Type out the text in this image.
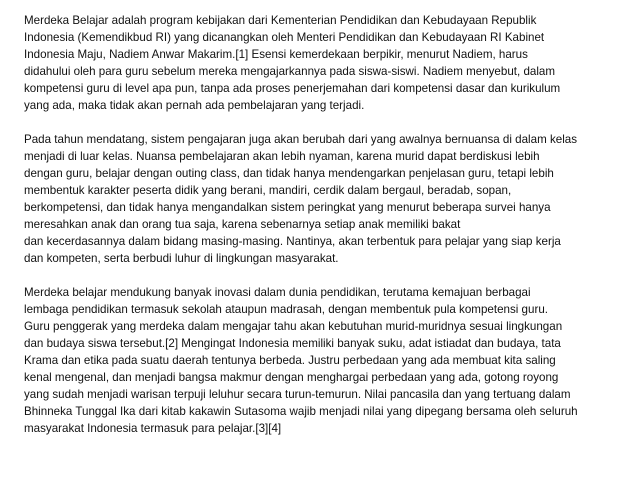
Merdeka Belajar adalah program kebijakan dari Kementerian Pendidikan dan Kebudayaan Republik
Indonesia (Kemendikbud RI) yang dicanangkan oleh Menteri Pendidikan dan Kebudayaan RI Kabinet
Indonesia Maju, Nadiem Anwar Makarim.[1] Esensi kemerdekaan berpikir, menurut Nadiem, harus
didahului oleh para guru sebelum mereka mengajarkannya pada siswa-siswi. Nadiem menyebut, dalam
kompetensi guru di level apa pun, tanpa ada proses penerjemahan dari kompetensi dasar dan kurikulum
yang ada, maka tidak akan pernah ada pembelajaran yang terjadi.

Pada tahun mendatang, sistem pengajaran juga akan berubah dari yang awalnya bernuansa di dalam kelas
menjadi di luar kelas. Nuansa pembelajaran akan lebih nyaman, karena murid dapat berdiskusi lebih
dengan guru, belajar dengan outing class, dan tidak hanya mendengarkan penjelasan guru, tetapi lebih
membentuk karakter peserta didik yang berani, mandiri, cerdik dalam bergaul, beradab, sopan,
berkompetensi, dan tidak hanya mengandalkan sistem peringkat yang menurut beberapa survei hanya
meresahkan anak dan orang tua saja, karena sebenarnya setiap anak memiliki bakat
dan kecerdasannya dalam bidang masing-masing. Nantinya, akan terbentuk para pelajar yang siap kerja
dan kompeten, serta berbudi luhur di lingkungan masyarakat.

Merdeka belajar mendukung banyak inovasi dalam dunia pendidikan, terutama kemajuan berbagai
lembaga pendidikan termasuk sekolah ataupun madrasah, dengan membentuk pula kompetensi guru.
Guru penggerak yang merdeka dalam mengajar tahu akan kebutuhan murid-muridnya sesuai lingkungan
dan budaya siswa tersebut.[2] Mengingat Indonesia memiliki banyak suku, adat istiadat dan budaya, tata
Krama dan etika pada suatu daerah tentunya berbeda. Justru perbedaan yang ada membuat kita saling
kenal mengenal, dan menjadi bangsa makmur dengan menghargai perbedaan yang ada, gotong royong
yang sudah menjadi warisan terpuji leluhur secara turun-temurun. Nilai pancasila dan yang tertuang dalam
Bhinneka Tunggal Ika dari kitab kakawin Sutasoma wajib menjadi nilai yang dipegang bersama oleh seluruh
masyarakat Indonesia termasuk para pelajar.[3][4]
